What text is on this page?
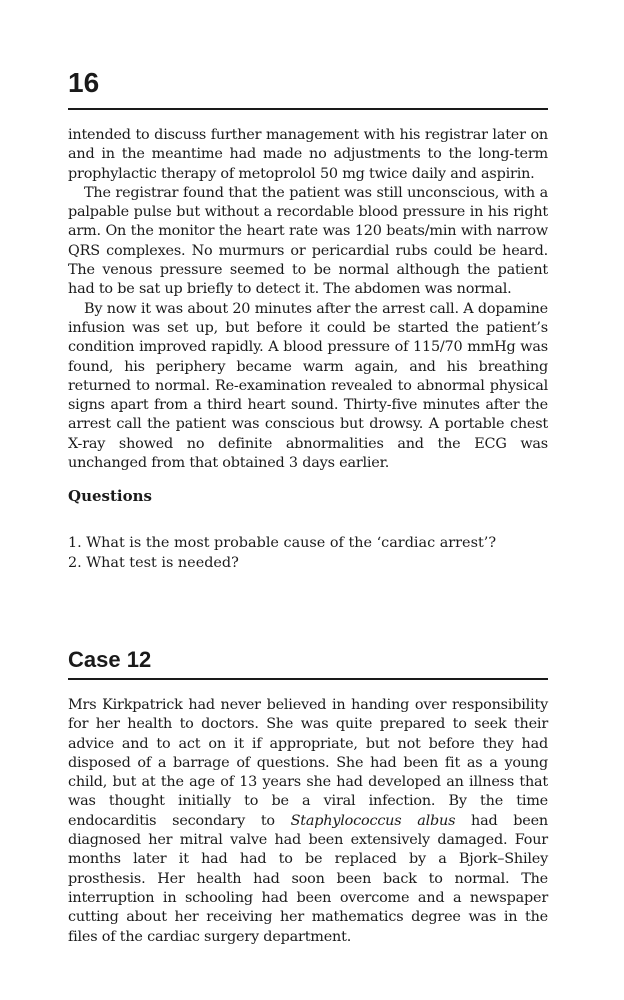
16

intended to discuss further management with his registrar later on and in the meantime had made no adjustments to the long-term prophylactic therapy of metoprolol 50 mg twice daily and aspirin.

The registrar found that the patient was still unconscious, with a palpable pulse but without a recordable blood pressure in his right arm. On the monitor the heart rate was 120 beats/min with narrow QRS complexes. No murmurs or pericardial rubs could be heard. The venous pressure seemed to be normal although the patient had to be sat up briefly to detect it. The abdomen was normal.

By now it was about 20 minutes after the arrest call. A dopamine infusion was set up, but before it could be started the patient’s condition improved rapidly. A blood pressure of 115/70 mmHg was found, his periphery became warm again, and his breathing returned to normal. Re-examination revealed to abnormal physical signs apart from a third heart sound. Thirty-five minutes after the arrest call the patient was conscious but drowsy. A portable chest X-ray showed no definite abnormalities and the ECG was unchanged from that obtained 3 days earlier.

Questions
1. What is the most probable cause of the ‘cardiac arrest’?
2. What test is needed?
Case 12

Mrs Kirkpatrick had never believed in handing over responsibility for her health to doctors. She was quite prepared to seek their advice and to act on it if appropriate, but not before they had disposed of a barrage of questions. She had been fit as a young child, but at the age of 13 years she had developed an illness that was thought initially to be a viral infection. By the time endocarditis secondary to Staphylococcus albus had been diagnosed her mitral valve had been extensively damaged. Four months later it had had to be replaced by a Bjork–Shiley prosthesis. Her health had soon been back to normal. The interruption in schooling had been overcome and a newspaper cutting about her receiving her mathematics degree was in the files of the cardiac surgery department.
